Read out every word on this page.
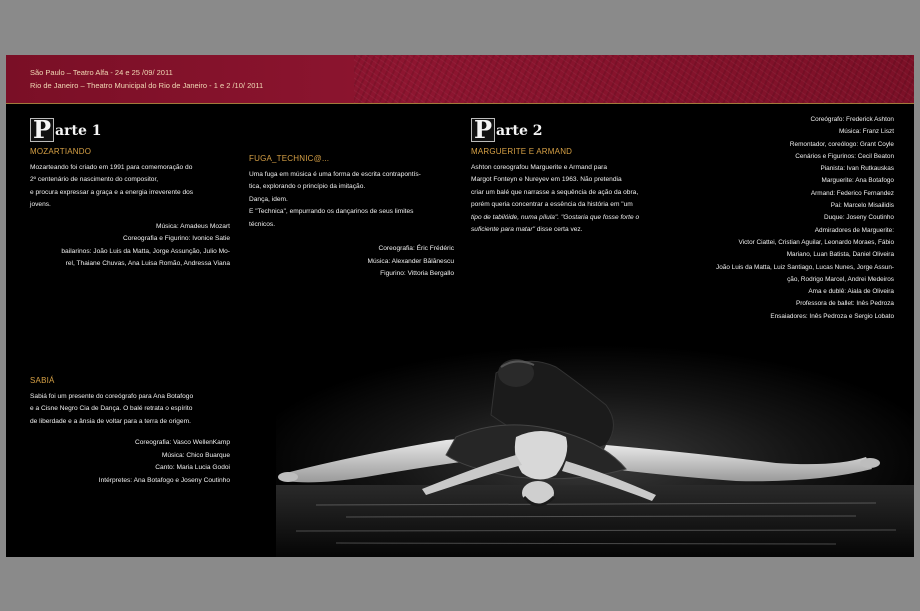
São Paulo – Teatro Alfa - 24 e 25 /09/ 2011
Rio de Janeiro – Theatro Municipal do Rio de Janeiro - 1 e 2 /10/ 2011
P arte 1
MOZARTIANDO

Mozarteando foi criado em 1991 para comemoração do

2º centenário de nascimento do compositor,

e procura expressar a graça e a energia irreverente dos

jovens.

Música: Amadeus Mozart
Coreografia e Figurino: Ivonice Satie
bailarinos: João Luis da Matta, Jorge Assunção, Julio Mo-
rel, Thaiane Chuvas, Ana Luisa Romão, Andressa Viana
SABIÁ

Sabiá foi um presente do coreógrafo para Ana Botafogo

e a Cisne Negro Cia de Dança. O balé retrata o espírito

de liberdade e a ânsia de voltar para a terra de origem.

Coreografia: Vasco WellenKamp
Música: Chico Buarque
Canto: Maria Lucia Godoi
Intérpretes: Ana Botafogo e Joseny Coutinho
FUGA_TECHNIC@...

Uma fuga em música é uma forma de escrita contrapontís-

tica, explorando o princípio da imitação.

Dança, idem.

E "Technica", empurrando os dançarinos de seus limites

técnicos.

Coreografia: Éric Frédéric
Música: Alexander Bălănescu
Figurino: Vittoria Bergallo
P arte 2
MARGUERITE E ARMAND

Ashton coreografou Marguerite e Armand para

Margot Fonteyn e Nureyev em 1963. Não pretendia

criar um balé que narrasse a sequência de ação da obra,

porém queria concentrar a essência da história em "um

tipo de tabilóide, numa pílula". "Gostaria que fosse forte o

suficiente para matar" disse certa vez.

Coreógrafo: Frederick Ashton
Música: Franz Liszt
Remontador, coreólogo: Grant Coyle
Cenários e Figurinos: Cecil Beaton
Pianista: Ivan Rutkauskas
Marguerite: Ana Botafogo
Armand: Federico Fernandez
Pai: Marcelo Misailidis
Duque: Joseny Coutinho
Admiradores de Marguerite:
Victor Ciattei, Cristian Aguilar, Leonardo Moraes, Fábio
Mariano, Luan Batista, Daniel Oliveira
João Luis da Matta, Luiz Santiago, Lucas Nunes, Jorge Assun-
ção, Rodrigo Marcel, Andrei Medeiros
Ama e dublê: Aiala de Oliveira
Professora de ballet: Inês Pedroza
Ensaiadores: Inês Pedroza e Sergio Lobato
